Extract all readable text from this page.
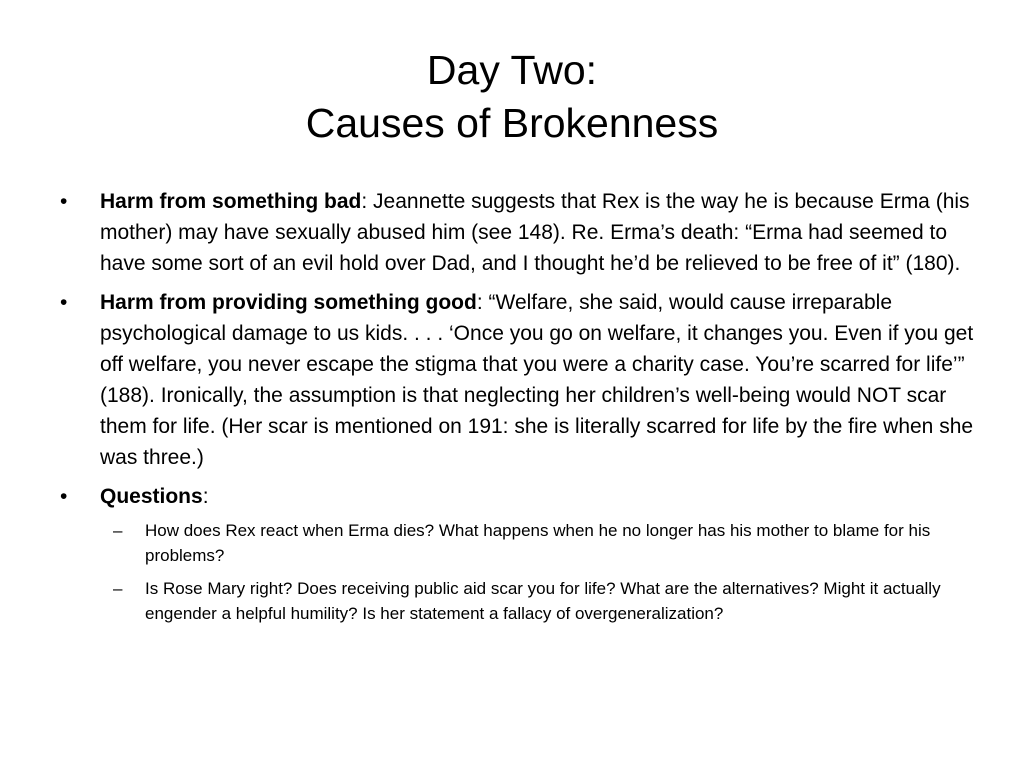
Day Two:
Causes of Brokenness
•	Harm from something bad: Jeannette suggests that Rex is the way he is because Erma (his mother) may have sexually abused him (see 148). Re. Erma’s death: “Erma had seemed to have some sort of an evil hold over Dad, and I thought he’d be relieved to be free of it” (180).
•	Harm from providing something good: “Welfare, she said, would cause irreparable psychological damage to us kids. . . . ‘Once you go on welfare, it changes you. Even if you get off welfare, you never escape the stigma that you were a charity case. You’re scarred for life’” (188). Ironically, the assumption is that neglecting her children’s well-being would NOT scar them for life. (Her scar is mentioned on 191: she is literally scarred for life by the fire when she was three.)
•	Questions:
– How does Rex react when Erma dies? What happens when he no longer has his mother to blame for his problems?
– Is Rose Mary right? Does receiving public aid scar you for life? What are the alternatives? Might it actually engender a helpful humility? Is her statement a fallacy of overgeneralization?
